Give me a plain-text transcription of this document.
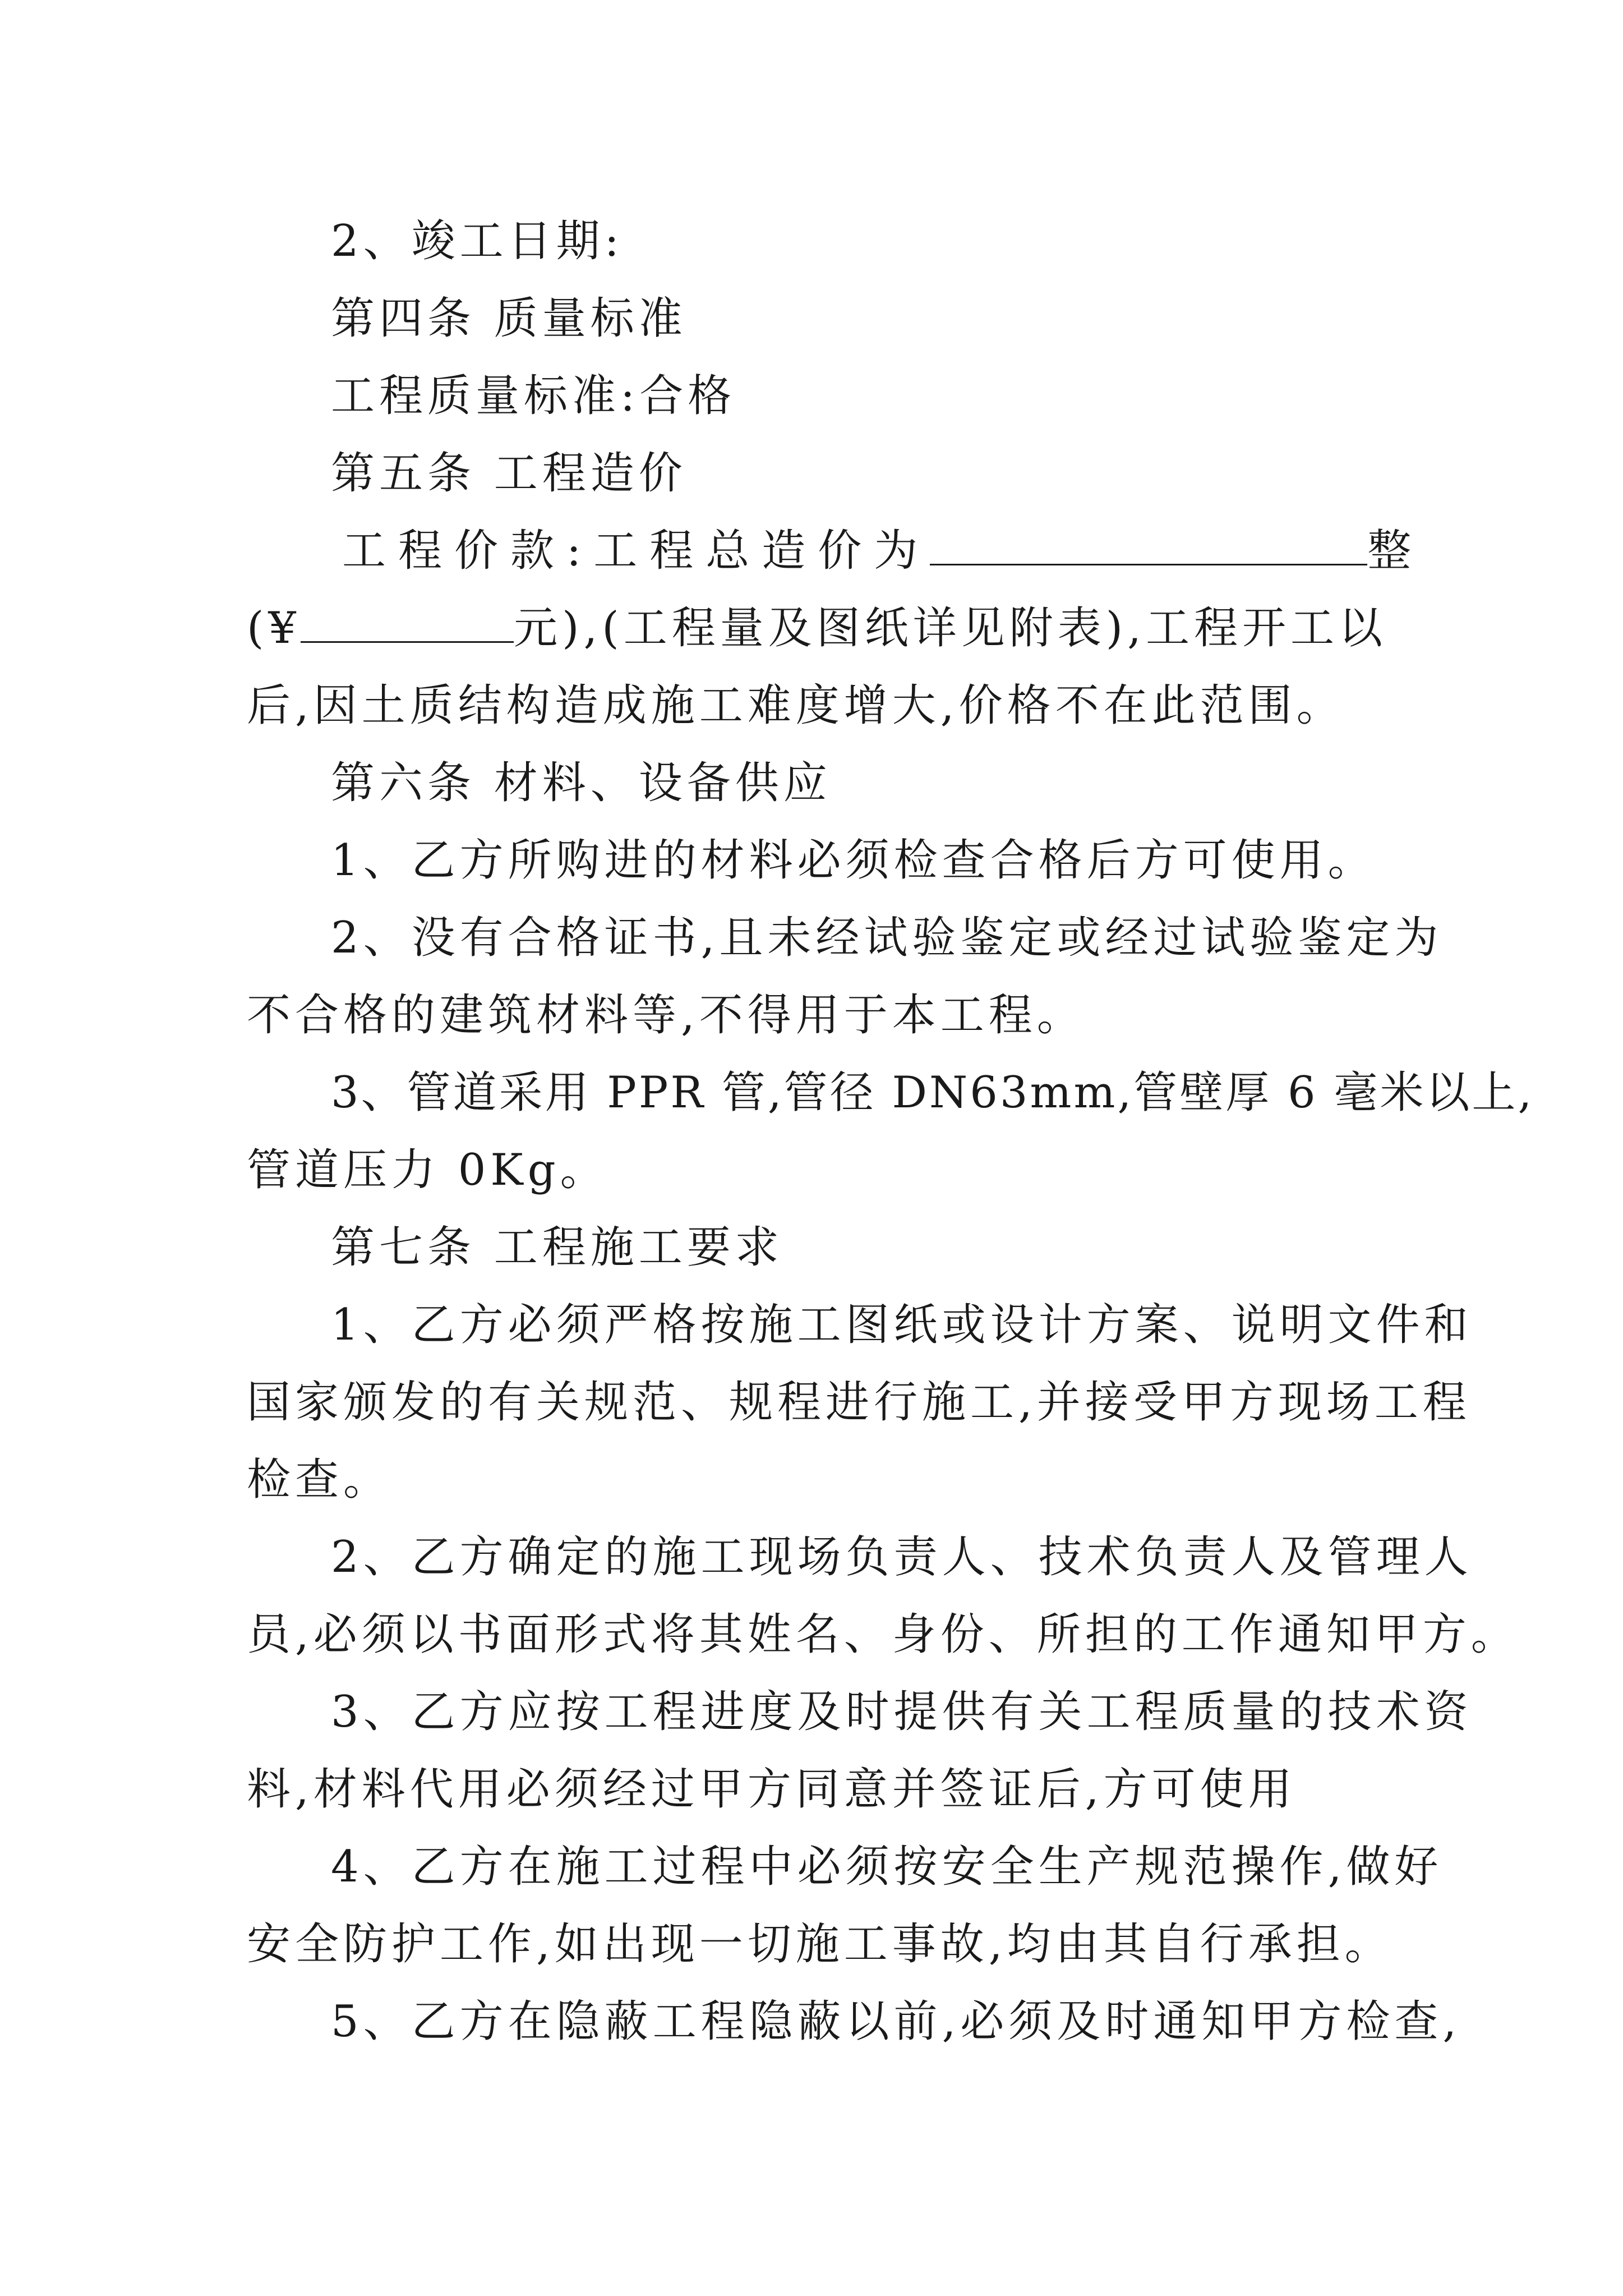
2、竣工日期:
第四条 质量标准
工程质量标准:合格
第五条 工程造价
工程价款:工程总造价为	整
(¥	元),(工程量及图纸详见附表),工程开工以
后,因土质结构造成施工难度增大,价格不在此范围。
第六条 材料、设备供应
1、乙方所购进的材料必须检查合格后方可使用。
2、没有合格证书,且未经试验鉴定或经过试验鉴定为
不合格的建筑材料等,不得用于本工程。
3、管道采用 PPR 管,管径 DN63mm,管壁厚 6 毫米以上,
管道压力 0Kg。
第七条 工程施工要求
1、乙方必须严格按施工图纸或设计方案、说明文件和
国家颁发的有关规范、规程进行施工,并接受甲方现场工程
检查。
2、乙方确定的施工现场负责人、技术负责人及管理人
员,必须以书面形式将其姓名、身份、所担的工作通知甲方。
3、乙方应按工程进度及时提供有关工程质量的技术资
料,材料代用必须经过甲方同意并签证后,方可使用
4、乙方在施工过程中必须按安全生产规范操作,做好
安全防护工作,如出现一切施工事故,均由其自行承担。
5、乙方在隐蔽工程隐蔽以前,必须及时通知甲方检查,
